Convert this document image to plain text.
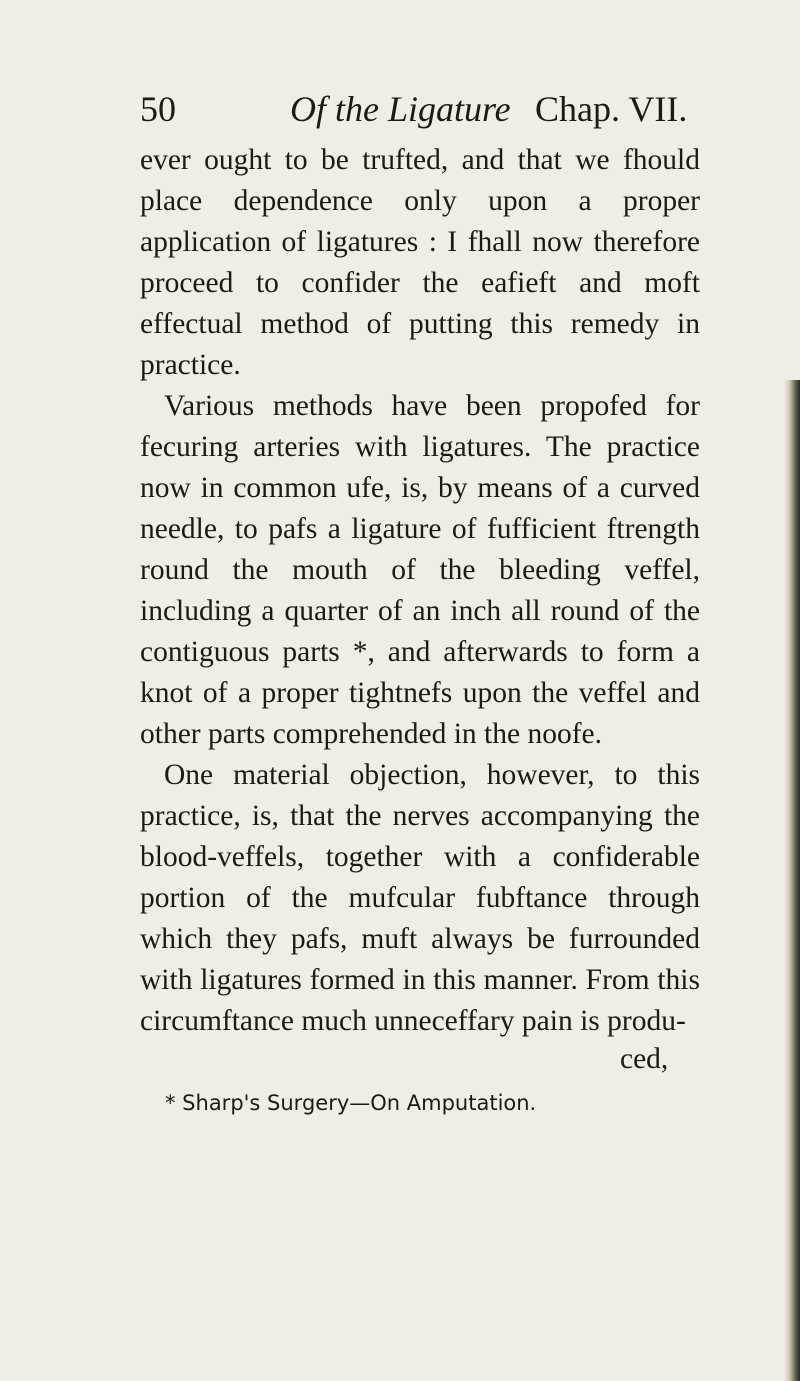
50	Of the Ligature Chap. VII.

ever ought to be trufted, and that we fhould place dependence only upon a proper application of ligatures : I fhall now therefore proceed to confider the eafieft and moft effectual method of putting this remedy in practice.

Various methods have been propofed for fecuring arteries with ligatures. The practice now in common ufe, is, by means of a curved needle, to pafs a ligature of fufficient ftrength round the mouth of the bleeding veffel, including a quarter of an inch all round of the contiguous parts *, and afterwards to form a knot of a proper tightnefs upon the veffel and other parts comprehended in the noofe.

One material objection, however, to this practice, is, that the nerves accompanying the blood-veffels, together with a confiderable portion of the mufcular fubftance through which they pafs, muft always be furrounded with ligatures formed in this manner. From this circumftance much unneceffary pain is produ-

ced,
* Sharp's Surgery—On Amputation.
